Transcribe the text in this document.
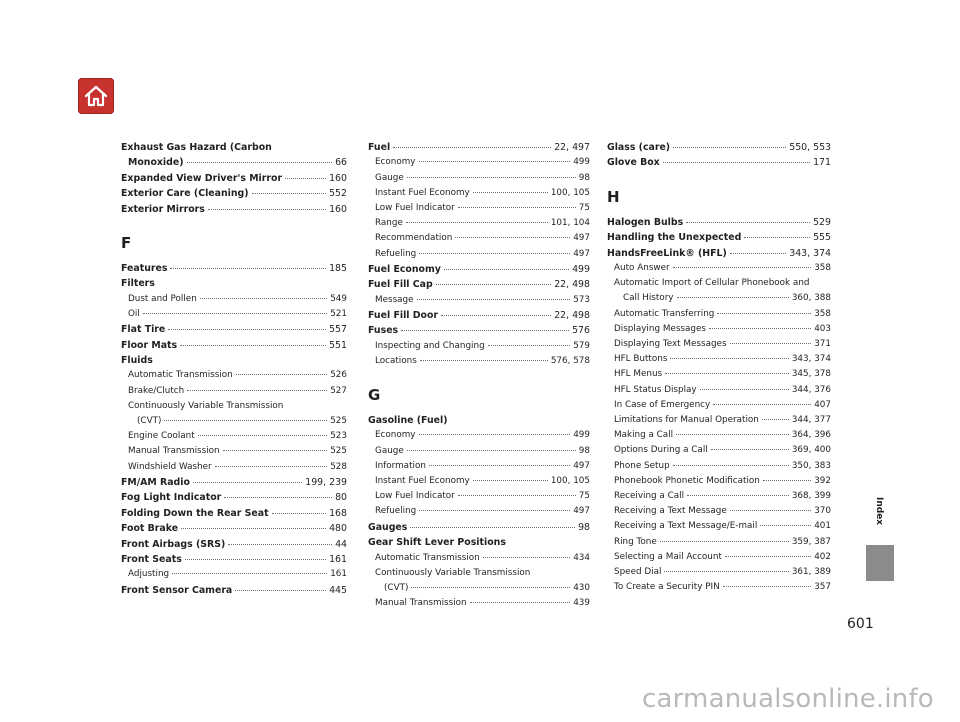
Exhaust Gas Hazard (Carbon
Monoxide)	66
Expanded View Driver's Mirror	160
Exterior Care (Cleaning)	552
Exterior Mirrors	160
F
Features	185
Filters
Dust and Pollen	549
Oil	521
Flat Tire	557
Floor Mats	551
Fluids
Automatic Transmission	526
Brake/Clutch	527
Continuously Variable Transmission
(CVT)	525
Engine Coolant	523
Manual Transmission	525
Windshield Washer	528
FM/AM Radio	199, 239
Fog Light Indicator	80
Folding Down the Rear Seat	168
Foot Brake	480
Front Airbags (SRS)	44
Front Seats	161
Adjusting	161
Front Sensor Camera	445
Fuel	22, 497
Economy	499
Gauge	98
Instant Fuel Economy	100, 105
Low Fuel Indicator	75
Range	101, 104
Recommendation	497
Refueling	497
Fuel Economy	499
Fuel Fill Cap	22, 498
Message	573
Fuel Fill Door	22, 498
Fuses	576
Inspecting and Changing	579
Locations	576, 578
G
Gasoline (Fuel)
Economy	499
Gauge	98
Information	497
Instant Fuel Economy	100, 105
Low Fuel Indicator	75
Refueling	497
Gauges	98
Gear Shift Lever Positions
Automatic Transmission	434
Continuously Variable Transmission
(CVT)	430
Manual Transmission	439
Glass (care)	550, 553
Glove Box	171
H
Halogen Bulbs	529
Handling the Unexpected	555
HandsFreeLink® (HFL)	343, 374
Auto Answer	358
Automatic Import of Cellular Phonebook and
Call History	360, 388
Automatic Transferring	358
Displaying Messages	403
Displaying Text Messages	371
HFL Buttons	343, 374
HFL Menus	345, 378
HFL Status Display	344, 376
In Case of Emergency	407
Limitations for Manual Operation	344, 377
Making a Call	364, 396
Options During a Call	369, 400
Phone Setup	350, 383
Phonebook Phonetic Modification	392
Receiving a Call	368, 399
Receiving a Text Message	370
Receiving a Text Message/E-mail	401
Ring Tone	359, 387
Selecting a Mail Account	402
Speed Dial	361, 389
To Create a Security PIN	357
Index
601
carmanualsonline.info
